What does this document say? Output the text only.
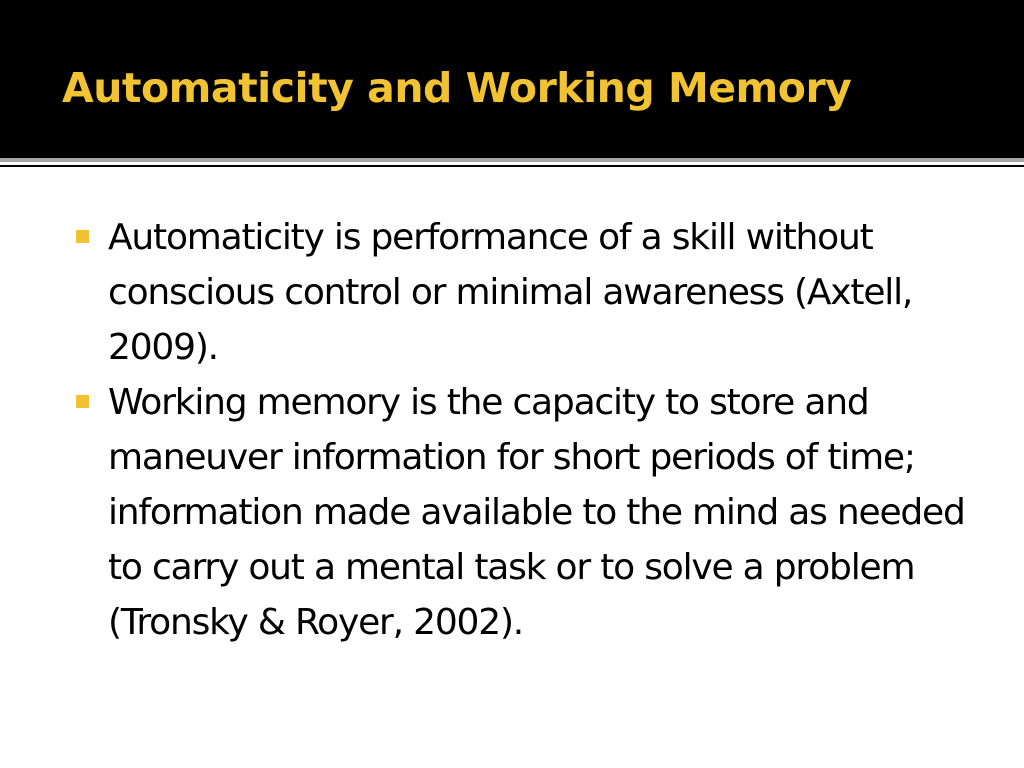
Automaticity and Working Memory
Automaticity is performance of a skill without conscious control or minimal awareness (Axtell, 2009).
Working memory is the capacity to store and maneuver information for short periods of time; information made available to the mind as needed to carry out a mental task or to solve a problem (Tronsky & Royer, 2002).
